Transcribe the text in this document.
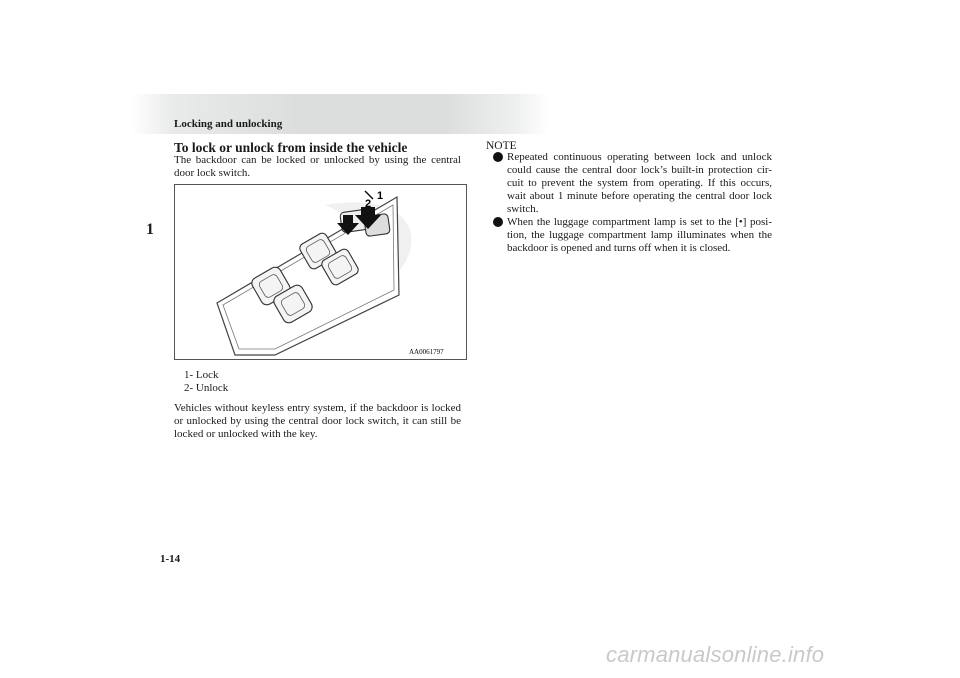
Locking and unlocking
1
To lock or unlock from inside the vehicle
The backdoor can be locked or unlocked by using the central door lock switch.
1
2
AA0061797
1- Lock
2- Unlock
Vehicles without keyless entry system, if the backdoor is locked or unlocked by using the central door lock switch, it can still be locked or unlocked with the key.
NOTE
Repeated continuous operating between lock and unlock could cause the central door lock’s built-in protection cir-cuit to prevent the system from operating. If this occurs, wait about 1 minute before operating the central door lock switch.
When the luggage compartment lamp is set to the [•] posi-tion, the luggage compartment lamp illuminates when the backdoor is opened and turns off when it is closed.
1-14
carmanualsonline.info
